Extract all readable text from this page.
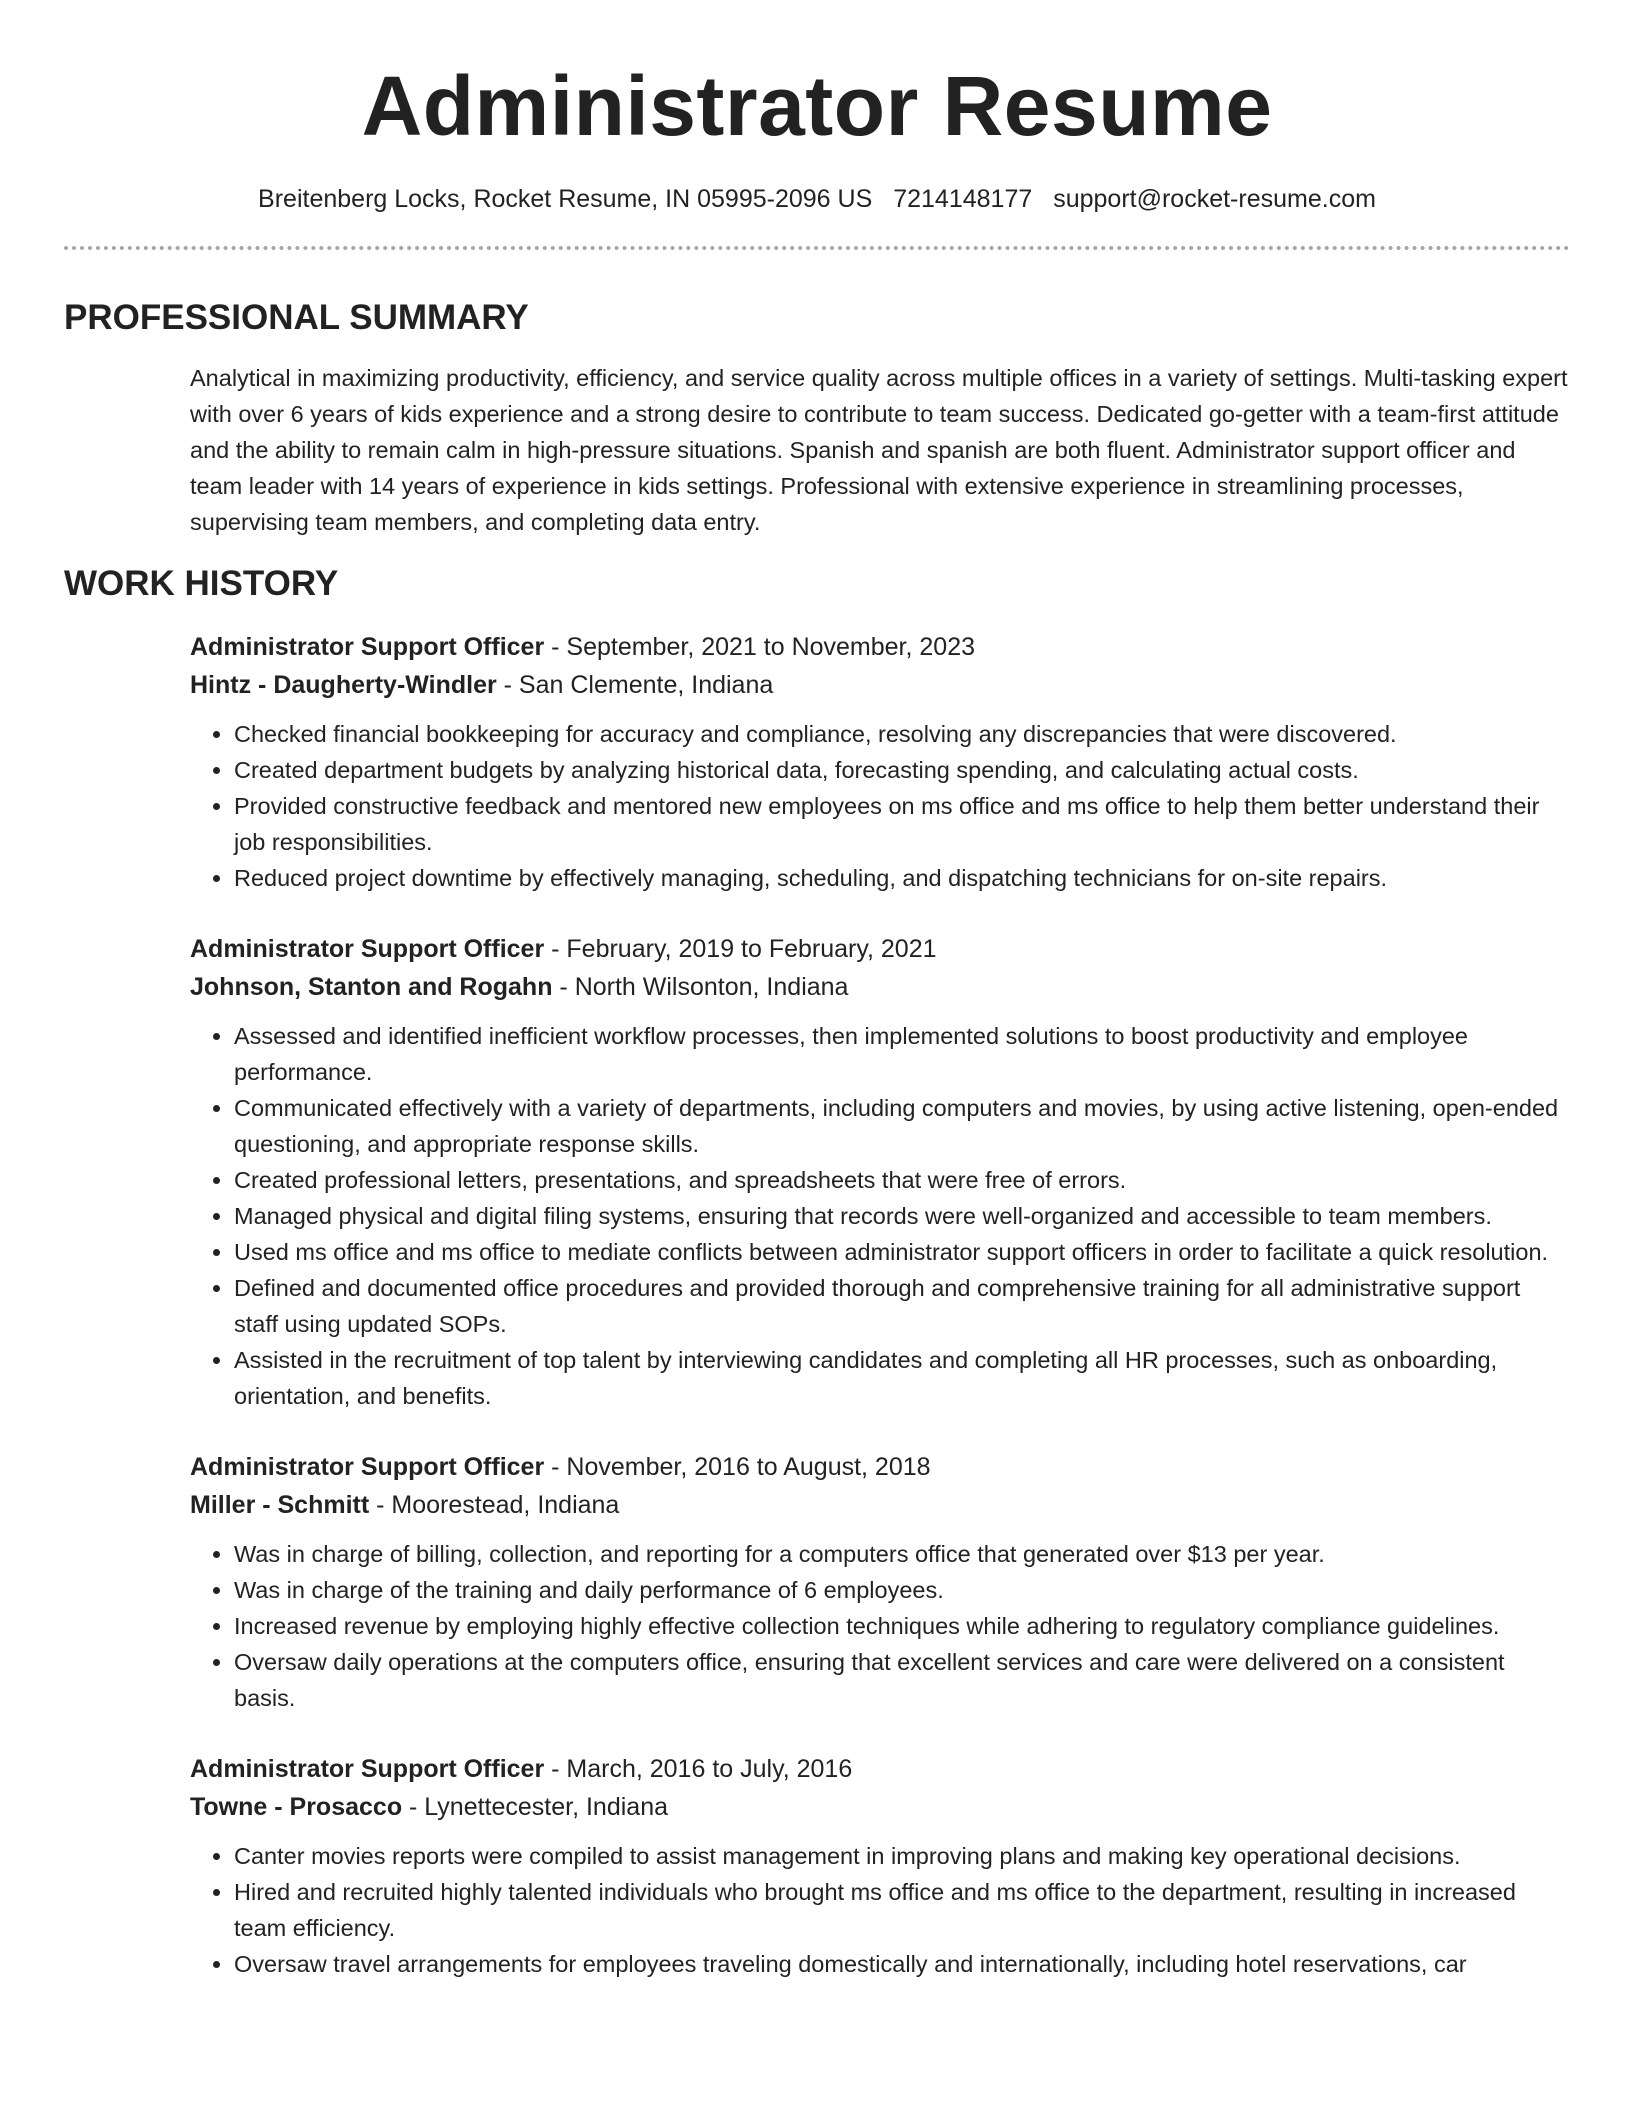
Administrator Resume
Breitenberg Locks, Rocket Resume, IN 05995-2096 US 7214148177 support@rocket-resume.com
PROFESSIONAL SUMMARY
Analytical in maximizing productivity, efficiency, and service quality across multiple offices in a variety of settings. Multi-tasking expert with over 6 years of kids experience and a strong desire to contribute to team success. Dedicated go-getter with a team-first attitude and the ability to remain calm in high-pressure situations. Spanish and spanish are both fluent. Administrator support officer and team leader with 14 years of experience in kids settings. Professional with extensive experience in streamlining processes, supervising team members, and completing data entry.
WORK HISTORY
Administrator Support Officer - September, 2021 to November, 2023
Hintz - Daugherty-Windler - San Clemente, Indiana
• Checked financial bookkeeping for accuracy and compliance, resolving any discrepancies that were discovered.
• Created department budgets by analyzing historical data, forecasting spending, and calculating actual costs.
• Provided constructive feedback and mentored new employees on ms office and ms office to help them better understand their job responsibilities.
• Reduced project downtime by effectively managing, scheduling, and dispatching technicians for on-site repairs.
Administrator Support Officer - February, 2019 to February, 2021
Johnson, Stanton and Rogahn - North Wilsonton, Indiana
• Assessed and identified inefficient workflow processes, then implemented solutions to boost productivity and employee performance.
• Communicated effectively with a variety of departments, including computers and movies, by using active listening, open-ended questioning, and appropriate response skills.
• Created professional letters, presentations, and spreadsheets that were free of errors.
• Managed physical and digital filing systems, ensuring that records were well-organized and accessible to team members.
• Used ms office and ms office to mediate conflicts between administrator support officers in order to facilitate a quick resolution.
• Defined and documented office procedures and provided thorough and comprehensive training for all administrative support staff using updated SOPs.
• Assisted in the recruitment of top talent by interviewing candidates and completing all HR processes, such as onboarding, orientation, and benefits.
Administrator Support Officer - November, 2016 to August, 2018
Miller - Schmitt - Moorestead, Indiana
• Was in charge of billing, collection, and reporting for a computers office that generated over $13 per year.
• Was in charge of the training and daily performance of 6 employees.
• Increased revenue by employing highly effective collection techniques while adhering to regulatory compliance guidelines.
• Oversaw daily operations at the computers office, ensuring that excellent services and care were delivered on a consistent basis.
Administrator Support Officer - March, 2016 to July, 2016
Towne - Prosacco - Lynettecester, Indiana
• Canter movies reports were compiled to assist management in improving plans and making key operational decisions.
• Hired and recruited highly talented individuals who brought ms office and ms office to the department, resulting in increased team efficiency.
• Oversaw travel arrangements for employees traveling domestically and internationally, including hotel reservations, car
